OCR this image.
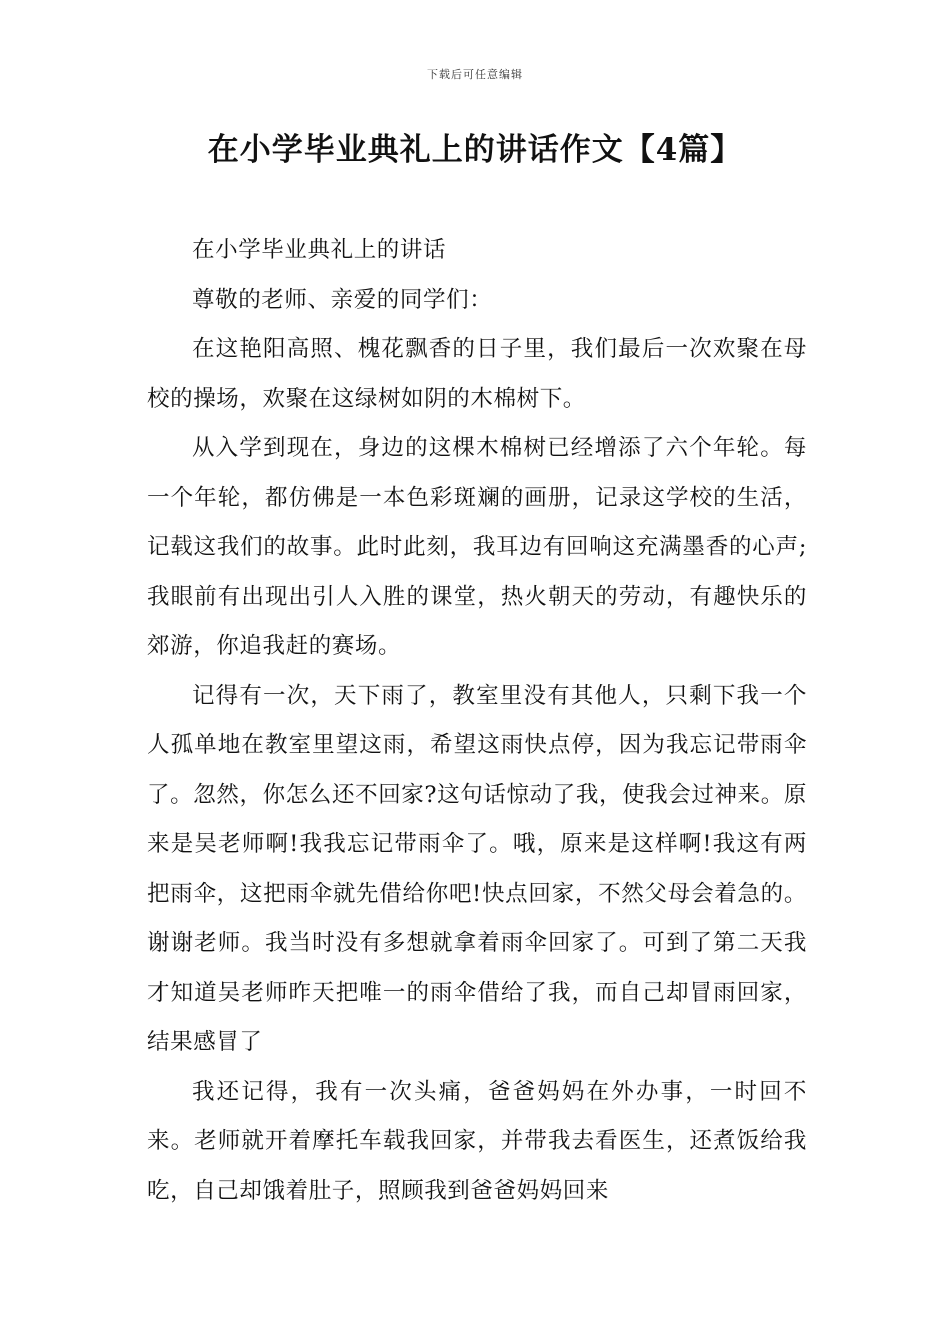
下载后可任意编辑
在小学毕业典礼上的讲话作文【4篇】

在小学毕业典礼上的讲话

尊敬的老师、亲爱的同学们：

在这艳阳高照、槐花飘香的日子里，我们最后一次欢聚在母校的操场，欢聚在这绿树如阴的木棉树下。

从入学到现在，身边的这棵木棉树已经增添了六个年轮。每一个年轮，都仿佛是一本色彩斑斓的画册，记录这学校的生活，记载这我们的故事。此时此刻，我耳边有回响这充满墨香的心声;我眼前有出现出引人入胜的课堂，热火朝天的劳动，有趣快乐的郊游，你追我赶的赛场。

记得有一次，天下雨了，教室里没有其他人，只剩下我一个人孤单地在教室里望这雨，希望这雨快点停，因为我忘记带雨伞了。忽然，你怎么还不回家?这句话惊动了我，使我会过神来。原来是吴老师啊!我我忘记带雨伞了。哦，原来是这样啊!我这有两把雨伞，这把雨伞就先借给你吧!快点回家，不然父母会着急的。谢谢老师。我当时没有多想就拿着雨伞回家了。可到了第二天我才知道吴老师昨天把唯一的雨伞借给了我，而自己却冒雨回家，结果感冒了

我还记得，我有一次头痛，爸爸妈妈在外办事，一时回不来。老师就开着摩托车载我回家，并带我去看医生，还煮饭给我吃，自己却饿着肚子，照顾我到爸爸妈妈回来
